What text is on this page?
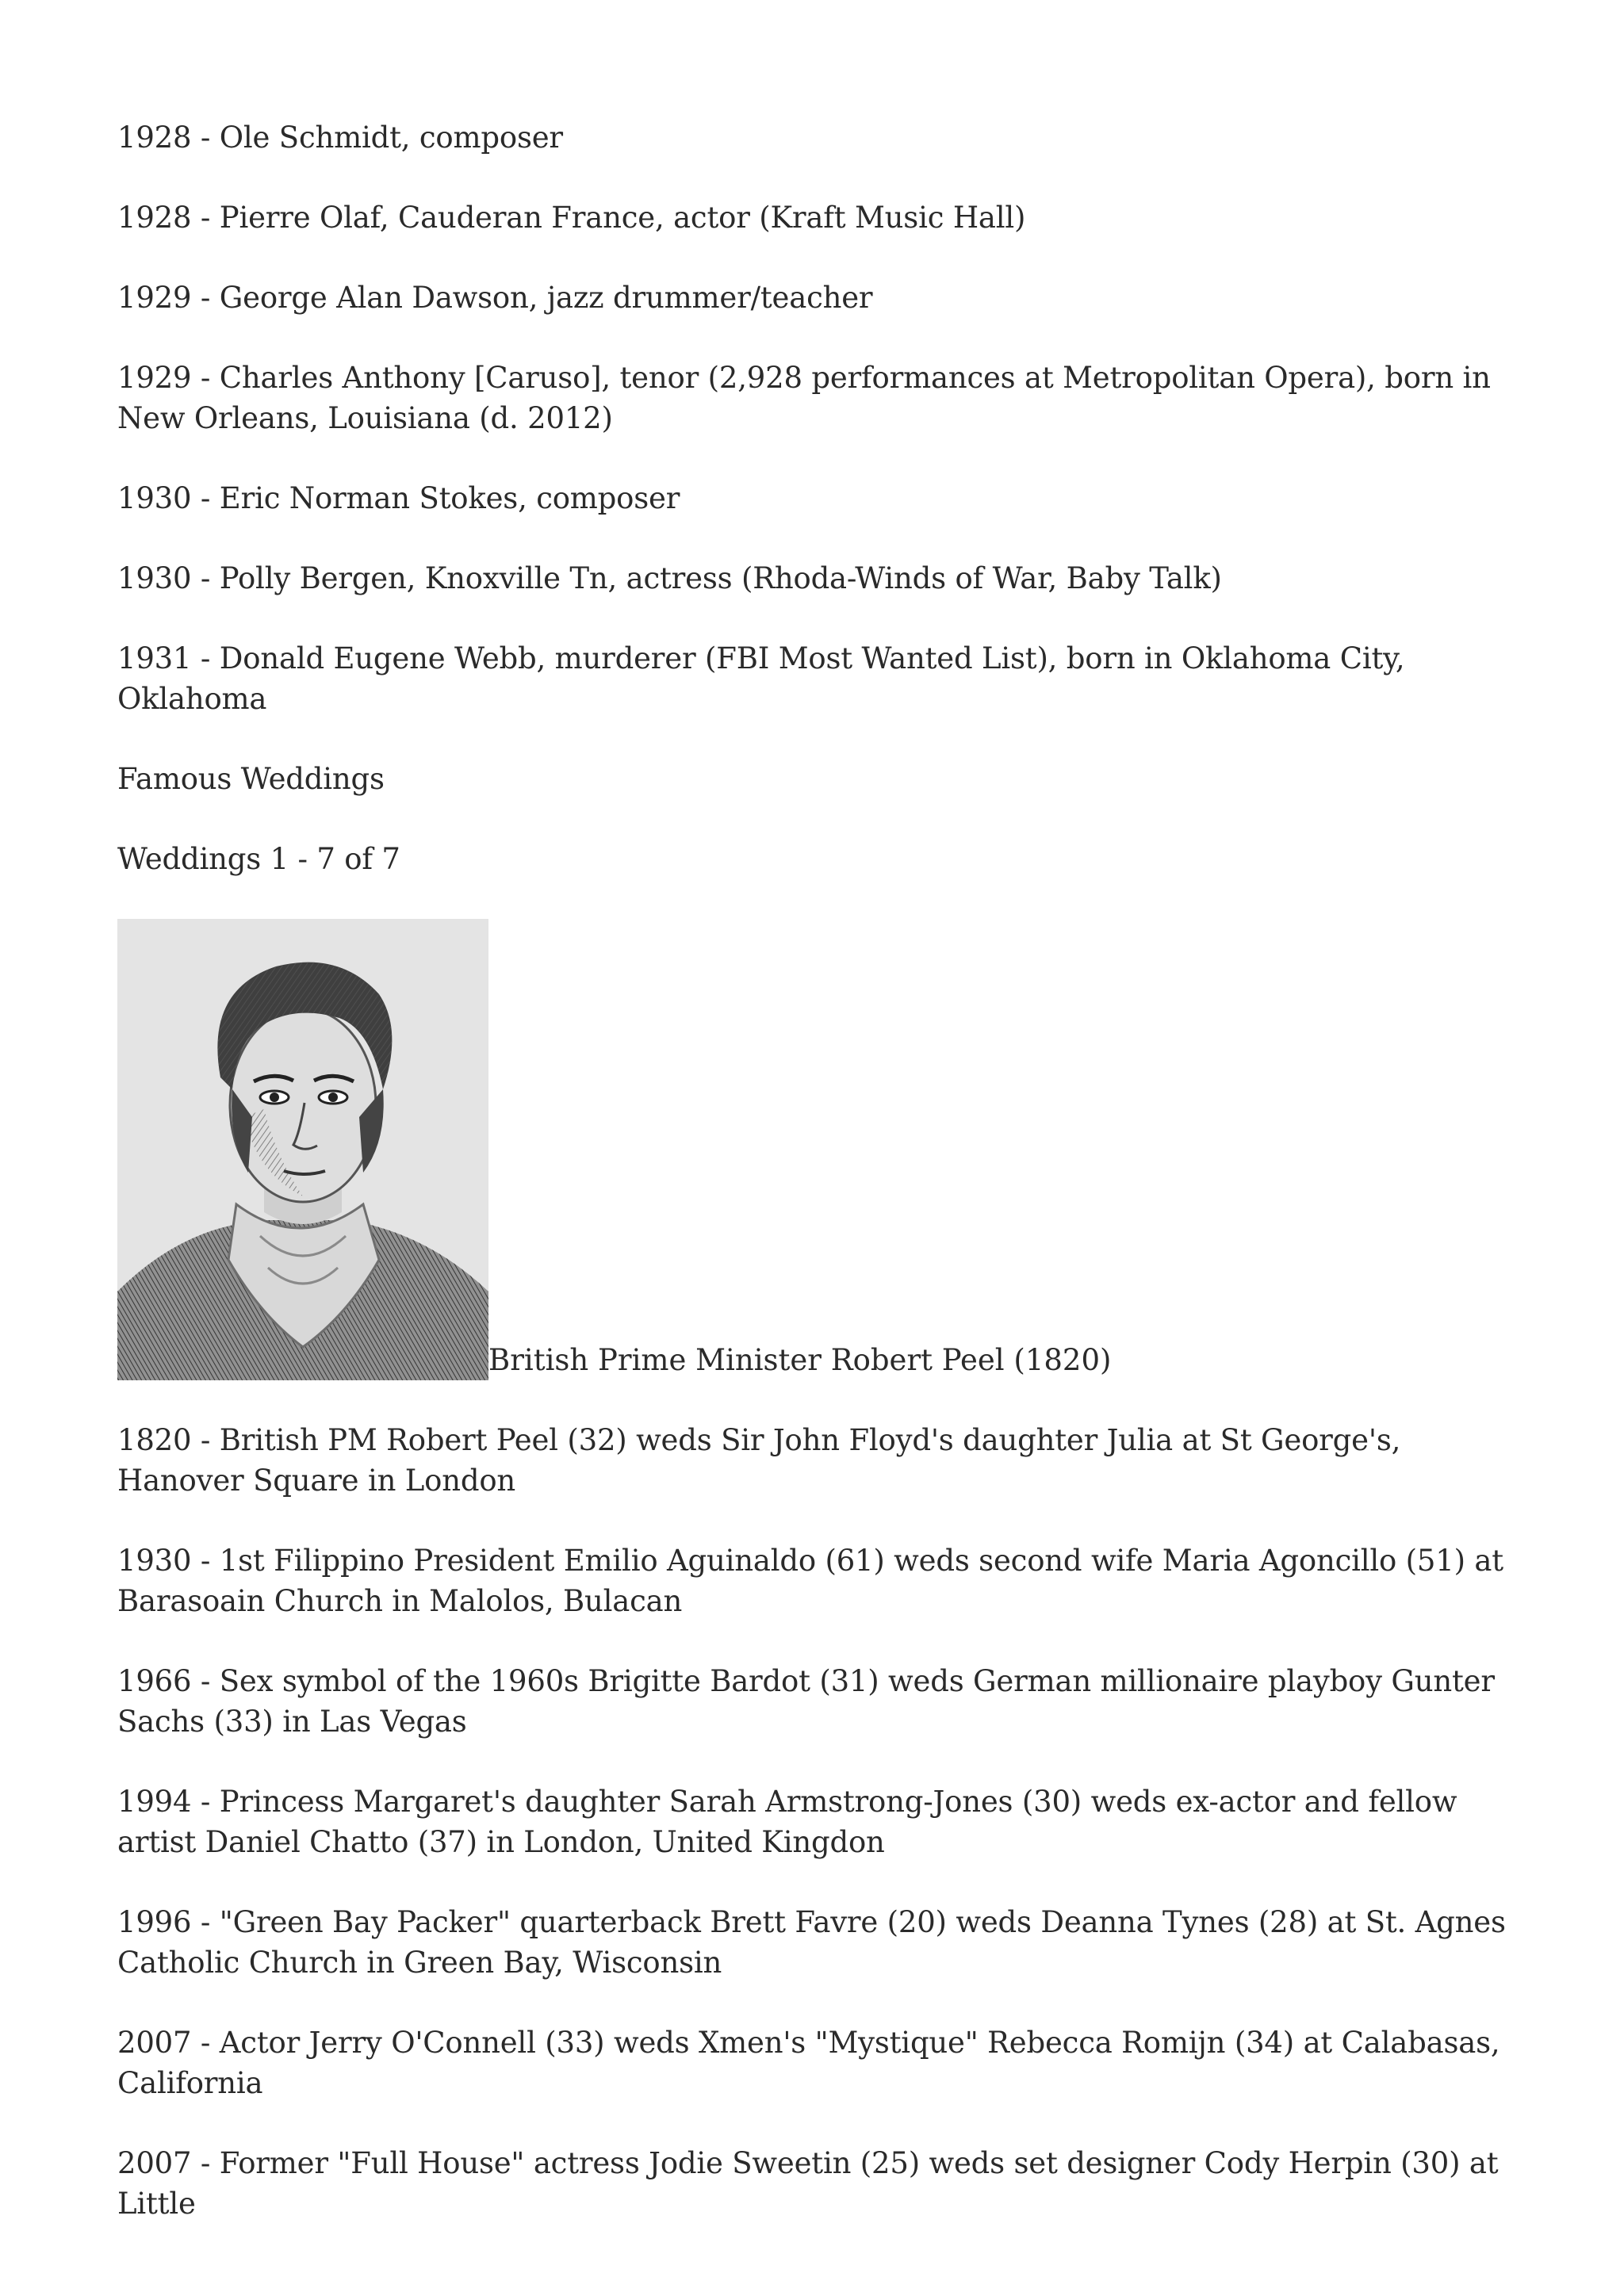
1928 - Ole Schmidt, composer

1928 - Pierre Olaf, Cauderan France, actor (Kraft Music Hall)

1929 - George Alan Dawson, jazz drummer/teacher

1929 - Charles Anthony [Caruso], tenor (2,928 performances at Metropolitan Opera), born in New Orleans, Louisiana (d. 2012)

1930 - Eric Norman Stokes, composer

1930 - Polly Bergen, Knoxville Tn, actress (Rhoda-Winds of War, Baby Talk)

1931 - Donald Eugene Webb, murderer (FBI Most Wanted List), born in Oklahoma City, Oklahoma

Famous Weddings

Weddings 1 - 7 of 7

British Prime Minister Robert Peel (1820)

1820 - British PM Robert Peel (32) weds Sir John Floyd's daughter Julia at St George's, Hanover Square in London

1930 - 1st Filippino President Emilio Aguinaldo (61) weds second wife Maria Agoncillo (51) at Barasoain Church in Malolos, Bulacan

1966 - Sex symbol of the 1960s Brigitte Bardot (31) weds German millionaire playboy Gunter Sachs (33) in Las Vegas

1994 - Princess Margaret's daughter Sarah Armstrong-Jones (30) weds ex-actor and fellow artist Daniel Chatto (37) in London, United Kingdon

1996 - "Green Bay Packer" quarterback Brett Favre (20) weds Deanna Tynes (28) at St. Agnes Catholic Church in Green Bay, Wisconsin

2007 - Actor Jerry O'Connell (33) weds Xmen's "Mystique" Rebecca Romijn (34) at Calabasas, California

2007 - Former "Full House" actress Jodie Sweetin (25) weds set designer Cody Herpin (30) at Little
